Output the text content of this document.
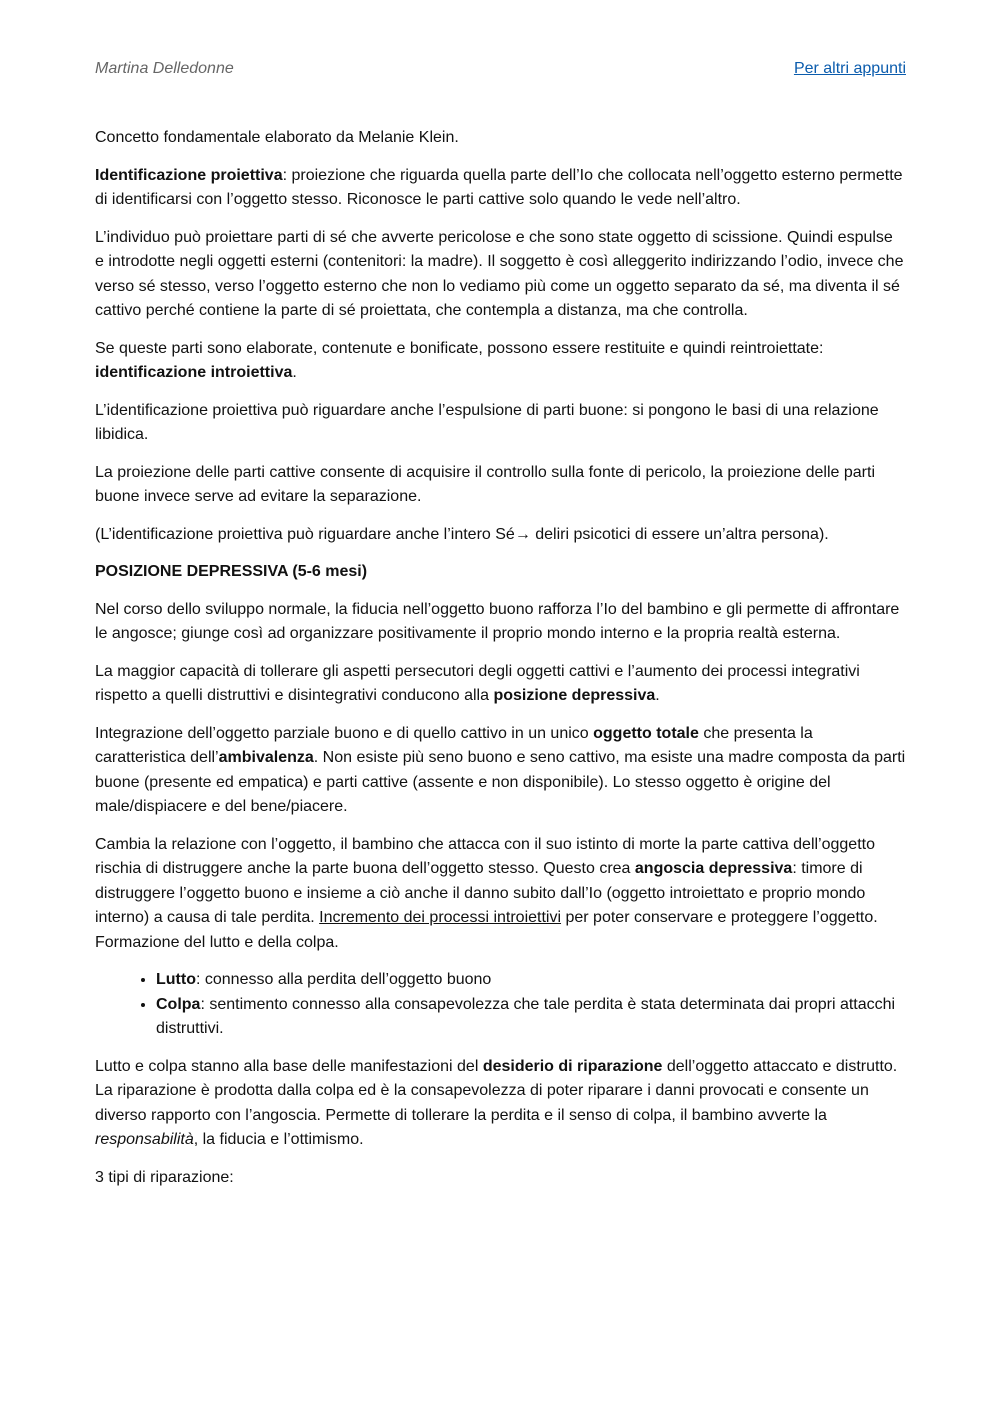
Martina Delledonne	Per altri appunti

Concetto fondamentale elaborato da Melanie Klein.

Identificazione proiettiva: proiezione che riguarda quella parte dell’Io che collocata nell’oggetto esterno permette di identificarsi con l’oggetto stesso. Riconosce le parti cattive solo quando le vede nell’altro.

L’individuo può proiettare parti di sé che avverte pericolose e che sono state oggetto di scissione. Quindi espulse e introdotte negli oggetti esterni (contenitori: la madre). Il soggetto è così alleggerito indirizzando l’odio, invece che verso sé stesso, verso l’oggetto esterno che non lo vediamo più come un oggetto separato da sé, ma diventa il sé cattivo perché contiene la parte di sé proiettata, che contempla a distanza, ma che controlla.

Se queste parti sono elaborate, contenute e bonificate, possono essere restituite e quindi reintroiettate: identificazione introiettiva.

L’identificazione proiettiva può riguardare anche l’espulsione di parti buone: si pongono le basi di una relazione libidica.

La proiezione delle parti cattive consente di acquisire il controllo sulla fonte di pericolo, la proiezione delle parti buone invece serve ad evitare la separazione.

(L’identificazione proiettiva può riguardare anche l’intero Sé→ deliri psicotici di essere un’altra persona).

POSIZIONE DEPRESSIVA (5-6 mesi)

Nel corso dello sviluppo normale, la fiducia nell’oggetto buono rafforza l’Io del bambino e gli permette di affrontare le angosce; giunge così ad organizzare positivamente il proprio mondo interno e la propria realtà esterna.

La maggior capacità di tollerare gli aspetti persecutori degli oggetti cattivi e l’aumento dei processi integrativi rispetto a quelli distruttivi e disintegrativi conducono alla posizione depressiva.

Integrazione dell’oggetto parziale buono e di quello cattivo in un unico oggetto totale che presenta la caratteristica dell’ambivalenza. Non esiste più seno buono e seno cattivo, ma esiste una madre composta da parti buone (presente ed empatica) e parti cattive (assente e non disponibile). Lo stesso oggetto è origine del male/dispiacere e del bene/piacere.

Cambia la relazione con l’oggetto, il bambino che attacca con il suo istinto di morte la parte cattiva dell’oggetto rischia di distruggere anche la parte buona dell’oggetto stesso. Questo crea angoscia depressiva: timore di distruggere l’oggetto buono e insieme a ciò anche il danno subito dall’Io (oggetto introiettato e proprio mondo interno) a causa di tale perdita. Incremento dei processi introiettivi per poter conservare e proteggere l’oggetto. Formazione del lutto e della colpa.

• Lutto: connesso alla perdita dell’oggetto buono
• Colpa: sentimento connesso alla consapevolezza che tale perdita è stata determinata dai propri attacchi distruttivi.

Lutto e colpa stanno alla base delle manifestazioni del desiderio di riparazione dell’oggetto attaccato e distrutto. La riparazione è prodotta dalla colpa ed è la consapevolezza di poter riparare i danni provocati e consente un diverso rapporto con l’angoscia. Permette di tollerare la perdita e il senso di colpa, il bambino avverte la responsabilità, la fiducia e l’ottimismo.

3 tipi di riparazione:
